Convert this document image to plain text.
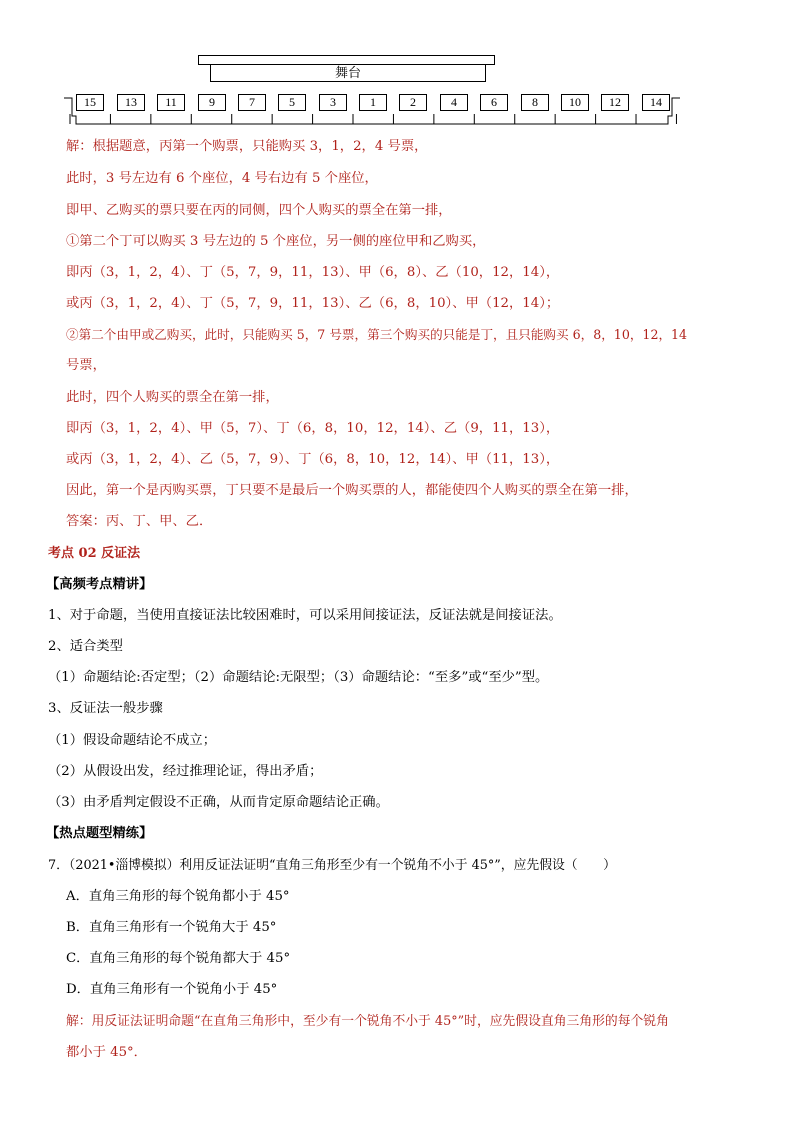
舞台
15	13	11	9	7	5	3	1	2	4	6	8	10	12	14
解：根据题意，丙第一个购票，只能购买 3，1，2，4 号票，
此时，3 号左边有 6 个座位，4 号右边有 5 个座位，
即甲、乙购买的票只要在丙的同侧，四个人购买的票全在第一排，
①第二个丁可以购买 3 号左边的 5 个座位，另一侧的座位甲和乙购买，
即丙（3，1，2，4）、丁（5，7，9，11，13）、甲（6，8）、乙（10，12，14），
或丙（3，1，2，4）、丁（5，7，9，11，13）、乙（6，8，10）、甲（12，14）；
②第二个由甲或乙购买，此时，只能购买 5，7 号票，第三个购买的只能是丁，且只能购买 6，8，10，12，14
号票，
此时，四个人购买的票全在第一排，
即丙（3，1，2，4）、甲（5，7）、丁（6，8，10，12，14）、乙（9，11，13），
或丙（3，1，2，4）、乙（5，7，9）、丁（6，8，10，12，14）、甲（11，13），
因此，第一个是丙购买票，丁只要不是最后一个购买票的人，都能使四个人购买的票全在第一排，
答案：丙、丁、甲、乙．
考点 02 反证法
【高频考点精讲】
1、对于命题，当使用直接证法比较困难时，可以采用间接证法，反证法就是间接证法。
2、适合类型
（1）命题结论:否定型；（2）命题结论:无限型；（3）命题结论：“至多”或“至少”型。
3、反证法一般步骤
（1）假设命题结论不成立；
（2）从假设出发，经过推理论证，得出矛盾；
（3）由矛盾判定假设不正确，从而肯定原命题结论正确。
【热点题型精练】
7．（2021•淄博模拟）利用反证法证明“直角三角形至少有一个锐角不小于 45°”，应先假设（　　）
A．直角三角形的每个锐角都小于 45°
B．直角三角形有一个锐角大于 45°
C．直角三角形的每个锐角都大于 45°
D．直角三角形有一个锐角小于 45°
解：用反证法证明命题“在直角三角形中，至少有一个锐角不小于 45°”时，应先假设直角三角形的每个锐角
都小于 45°．
